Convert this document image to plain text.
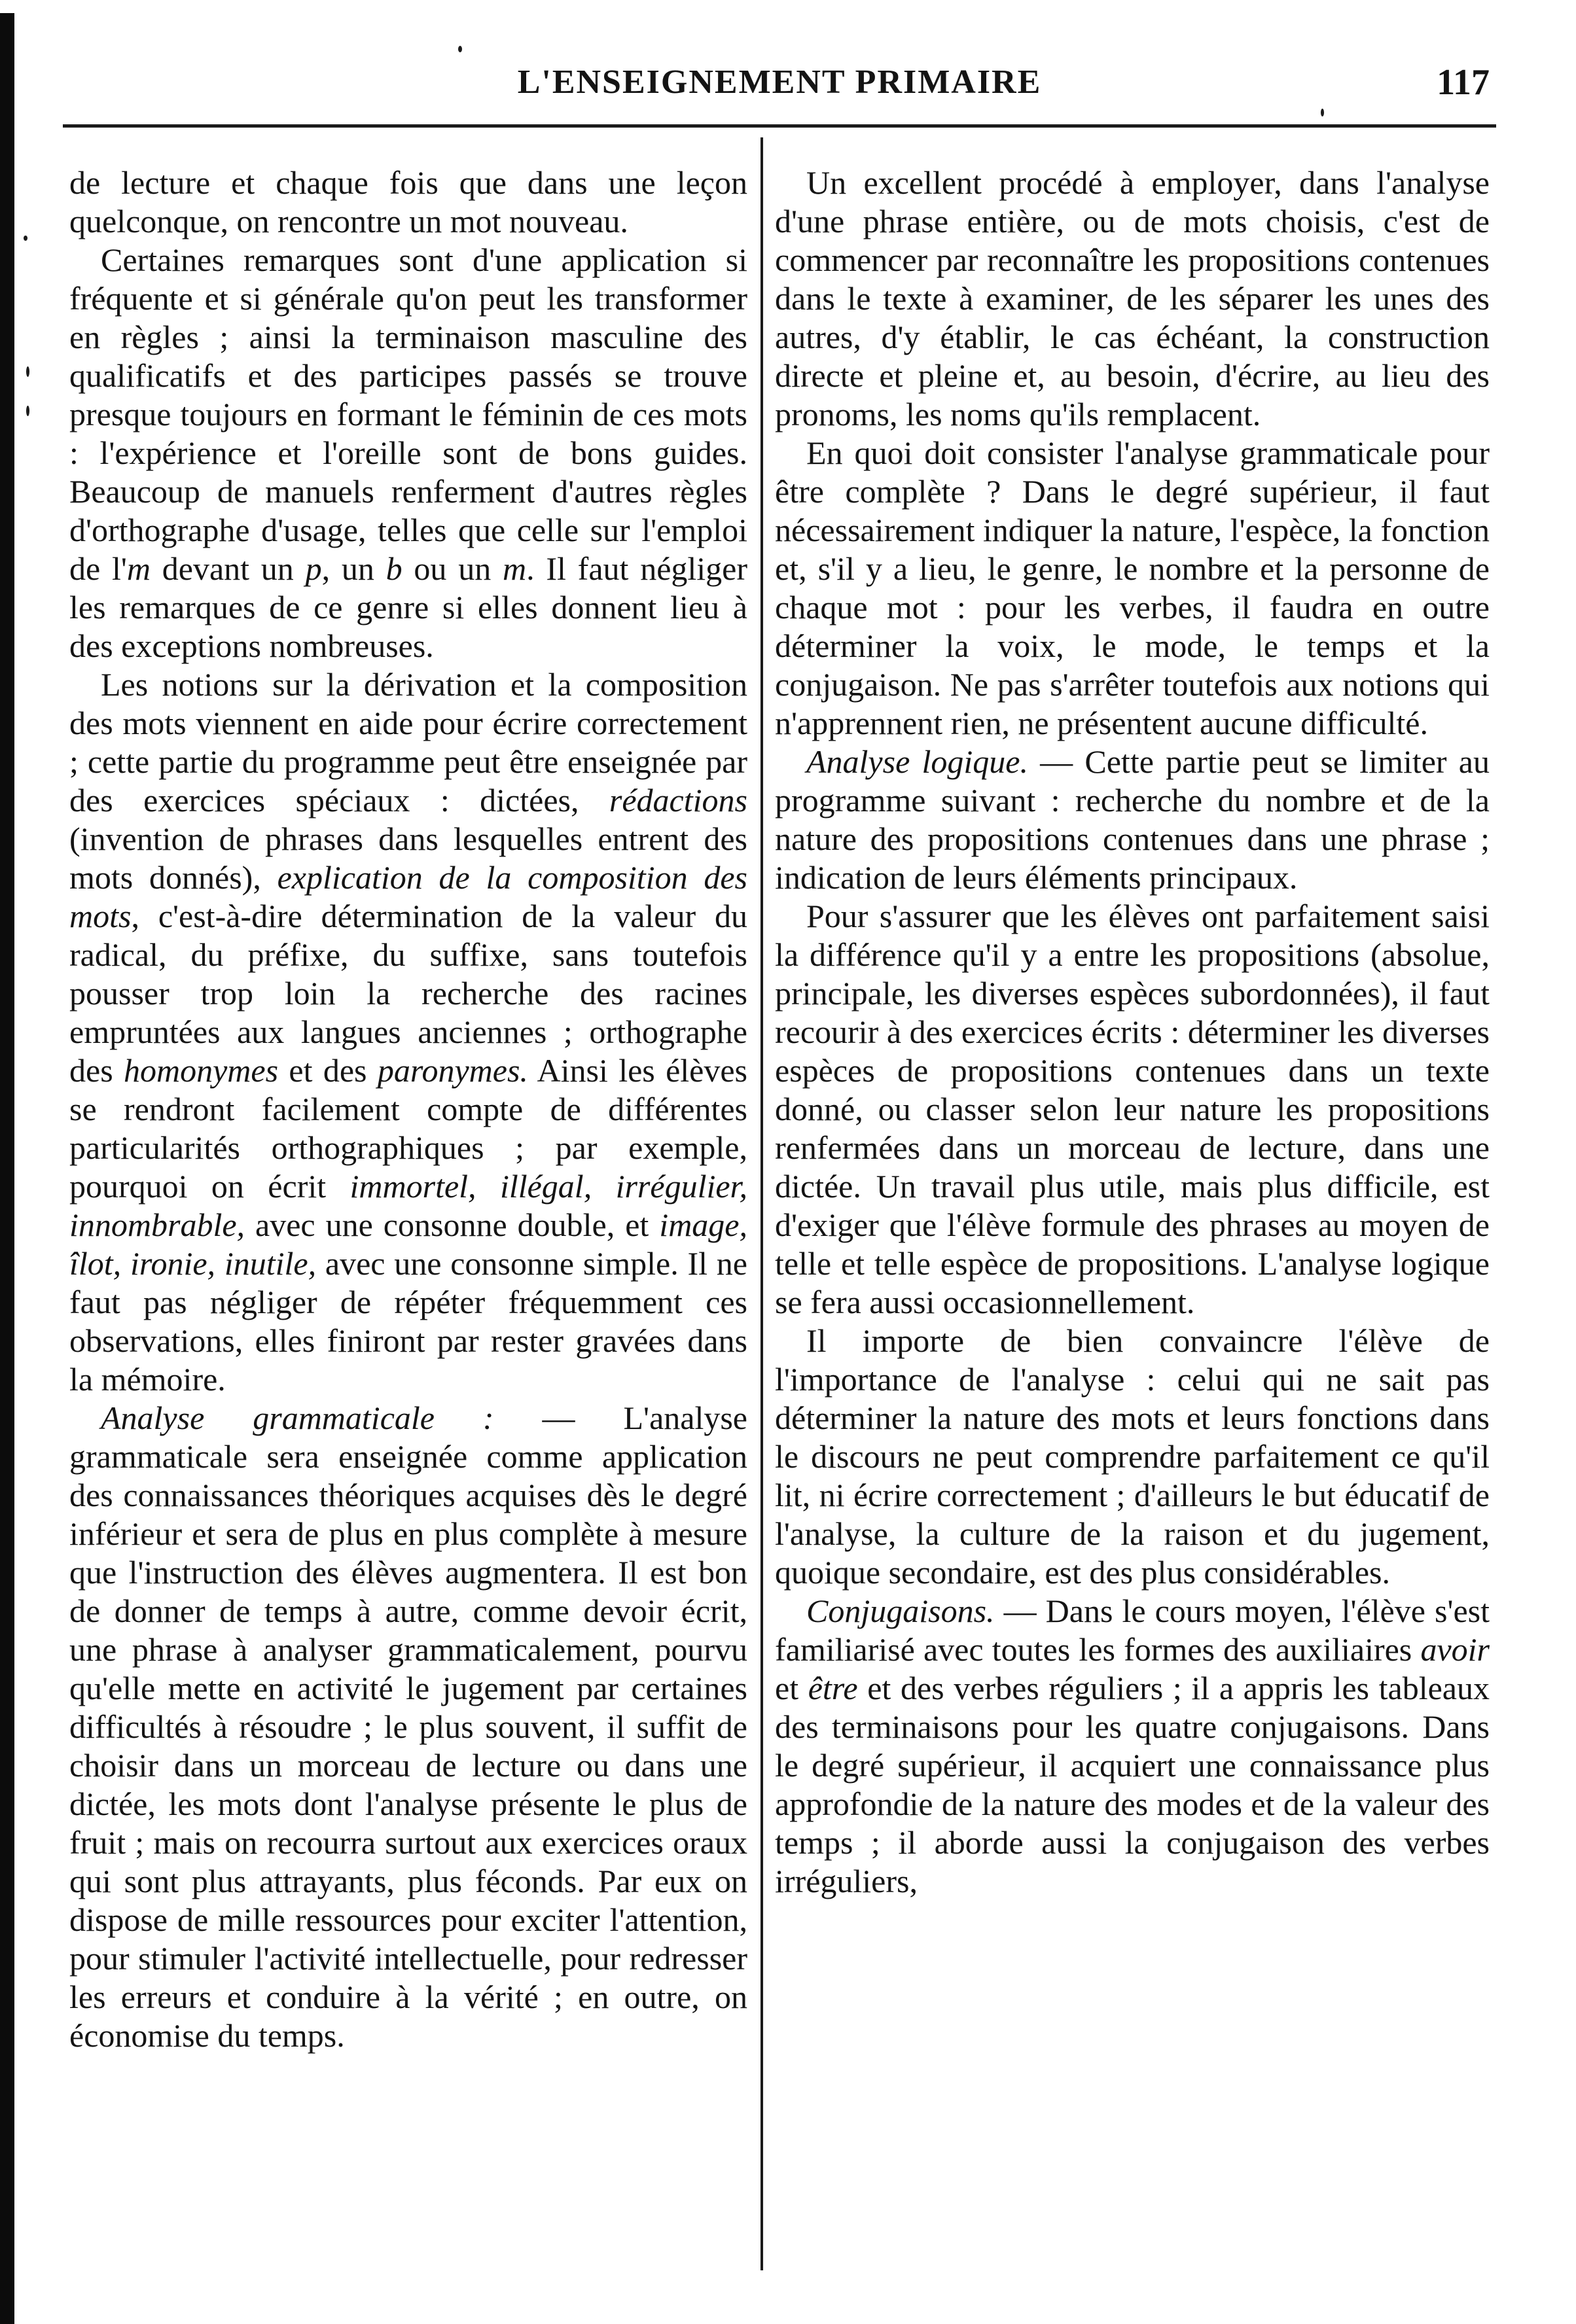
L'ENSEIGNEMENT PRIMAIRE	117

de lecture et chaque fois que dans une leçon quelconque, on rencontre un mot nouveau.

Certaines remarques sont d'une application si fréquente et si générale qu'on peut les transformer en règles ; ainsi la terminaison masculine des qualificatifs et des participes passés se trouve presque toujours en formant le féminin de ces mots : l'expérience et l'oreille sont de bons guides. Beaucoup de manuels renferment d'autres règles d'orthographe d'usage, telles que celle sur l'emploi de l'm devant un p, un b ou un m. Il faut négliger les remarques de ce genre si elles donnent lieu à des exceptions nombreuses.

Les notions sur la dérivation et la composition des mots viennent en aide pour écrire correctement ; cette partie du programme peut être enseignée par des exercices spéciaux : dictées, rédactions (invention de phrases dans lesquelles entrent des mots donnés), explication de la composition des mots, c'est-à-dire détermination de la valeur du radical, du préfixe, du suffixe, sans toutefois pousser trop loin la recherche des racines empruntées aux langues anciennes ; orthographe des homonymes et des paronymes. Ainsi les élèves se rendront facilement compte de différentes particularités orthographiques ; par exemple, pourquoi on écrit immortel, illégal, irrégulier, innombrable, avec une consonne double, et image, îlot, ironie, inutile, avec une consonne simple. Il ne faut pas négliger de répéter fréquemment ces observations, elles finiront par rester gravées dans la mémoire.

Analyse grammaticale : — L'analyse grammaticale sera enseignée comme application des connaissances théoriques acquises dès le degré inférieur et sera de plus en plus complète à mesure que l'instruction des élèves augmentera. Il est bon de donner de temps à autre, comme devoir écrit, une phrase à analyser grammaticalement, pourvu qu'elle mette en activité le jugement par certaines difficultés à résoudre ; le plus souvent, il suffit de choisir dans un morceau de lecture ou dans une dictée, les mots dont l'analyse présente le plus de fruit ; mais on recourra surtout aux exercices oraux qui sont plus attrayants, plus féconds. Par eux on dispose de mille ressources pour exciter l'attention, pour stimuler l'activité intellectuelle, pour redresser les erreurs et conduire à la vérité ; en outre, on économise du temps.

Un excellent procédé à employer, dans l'analyse d'une phrase entière, ou de mots choisis, c'est de commencer par reconnaître les propositions contenues dans le texte à examiner, de les séparer les unes des autres, d'y établir, le cas échéant, la construction directe et pleine et, au besoin, d'écrire, au lieu des pronoms, les noms qu'ils remplacent.

En quoi doit consister l'analyse grammaticale pour être complète ? Dans le degré supérieur, il faut nécessairement indiquer la nature, l'espèce, la fonction et, s'il y a lieu, le genre, le nombre et la personne de chaque mot : pour les verbes, il faudra en outre déterminer la voix, le mode, le temps et la conjugaison. Ne pas s'arrêter toutefois aux notions qui n'apprennent rien, ne présentent aucune difficulté.

Analyse logique. — Cette partie peut se limiter au programme suivant : recherche du nombre et de la nature des propositions contenues dans une phrase ; indication de leurs éléments principaux.

Pour s'assurer que les élèves ont parfaitement saisi la différence qu'il y a entre les propositions (absolue, principale, les diverses espèces subordonnées), il faut recourir à des exercices écrits : déterminer les diverses espèces de propositions contenues dans un texte donné, ou classer selon leur nature les propositions renfermées dans un morceau de lecture, dans une dictée. Un travail plus utile, mais plus difficile, est d'exiger que l'élève formule des phrases au moyen de telle et telle espèce de propositions. L'analyse logique se fera aussi occasionnellement.

Il importe de bien convaincre l'élève de l'importance de l'analyse : celui qui ne sait pas déterminer la nature des mots et leurs fonctions dans le discours ne peut comprendre parfaitement ce qu'il lit, ni écrire correctement ; d'ailleurs le but éducatif de l'analyse, la culture de la raison et du jugement, quoique secondaire, est des plus considérables.

Conjugaisons. — Dans le cours moyen, l'élève s'est familiarisé avec toutes les formes des auxiliaires avoir et être et des verbes réguliers ; il a appris les tableaux des terminaisons pour les quatre conjugaisons. Dans le degré supérieur, il acquiert une connaissance plus approfondie de la nature des modes et de la valeur des temps ; il aborde aussi la conjugaison des verbes irréguliers,
